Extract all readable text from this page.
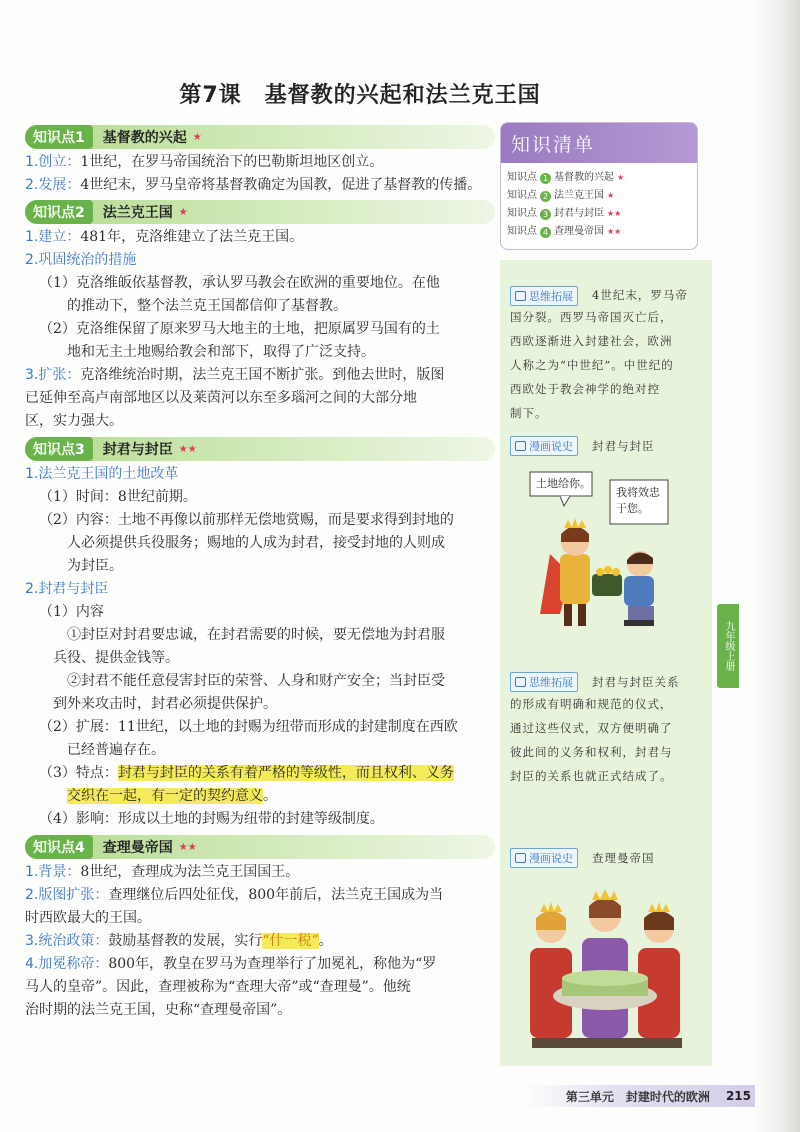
第7课　基督教的兴起和法兰克王国
知识点1	基督教的兴起 ★

1.创立：1世纪，在罗马帝国统治下的巴勒斯坦地区创立。

2.发展：4世纪末，罗马皇帝将基督教确定为国教，促进了基督教的传播。

知识点2	法兰克王国 ★

1.建立：481年，克洛维建立了法兰克王国。

2.巩固统治的措施

（1）克洛维皈依基督教，承认罗马教会在欧洲的重要地位。在他

的推动下，整个法兰克王国都信仰了基督教。

（2）克洛维保留了原来罗马大地主的土地，把原属罗马国有的土

地和无主土地赐给教会和部下，取得了广泛支持。

3.扩张：克洛维统治时期，法兰克王国不断扩张。到他去世时，版图

已延伸至高卢南部地区以及莱茵河以东至多瑙河之间的大部分地

区，实力强大。

知识点3	封君与封臣 ★★

1.法兰克王国的土地改革

（1）时间：8世纪前期。

（2）内容：土地不再像以前那样无偿地赏赐，而是要求得到封地的

人必须提供兵役服务；赐地的人成为封君，接受封地的人则成

为封臣。

2.封君与封臣

（1）内容

①封臣对封君要忠诚，在封君需要的时候，要无偿地为封君服

兵役、提供金钱等。

②封君不能任意侵害封臣的荣誉、人身和财产安全；当封臣受

到外来攻击时，封君必须提供保护。

（2）扩展：11世纪，以土地的封赐为纽带而形成的封建制度在西欧

已经普遍存在。

（3）特点：封君与封臣的关系有着严格的等级性，而且权利、义务

交织在一起，有一定的契约意义。

（4）影响：形成以土地的封赐为纽带的封建等级制度。

知识点4	查理曼帝国 ★★

1.背景：8世纪，查理成为法兰克王国国王。

2.版图扩张：查理继位后四处征伐，800年前后，法兰克王国成为当

时西欧最大的王国。

3.统治政策：鼓励基督教的发展，实行“什一税”。

4.加冕称帝：800年，教皇在罗马为查理举行了加冕礼，称他为“罗

马人的皇帝”。因此，查理被称为“查理大帝”或“查理曼”。他统

治时期的法兰克王国，史称“查理曼帝国”。

知识清单
知识点 1 基督教的兴起 ★
知识点 2 法兰克王国 ★
知识点 3 封君与封臣 ★★
知识点 4 查理曼帝国 ★★
思维拓展 4世纪末，罗马帝
国分裂。西罗马帝国灭亡后，
西欧逐渐进入封建社会，欧洲
人称之为“中世纪”。中世纪的
西欧处于教会神学的绝对控
制下。
漫画说史 封君与封臣
土地给你。
我将效忠
于您。
思维拓展 封君与封臣关系
的形成有明确和规范的仪式，
通过这些仪式，双方便明确了
彼此间的义务和权利，封君与
封臣的关系也就正式结成了。
漫画说史 查理曼帝国
九年级上册
第三单元　封建时代的欧洲 215
